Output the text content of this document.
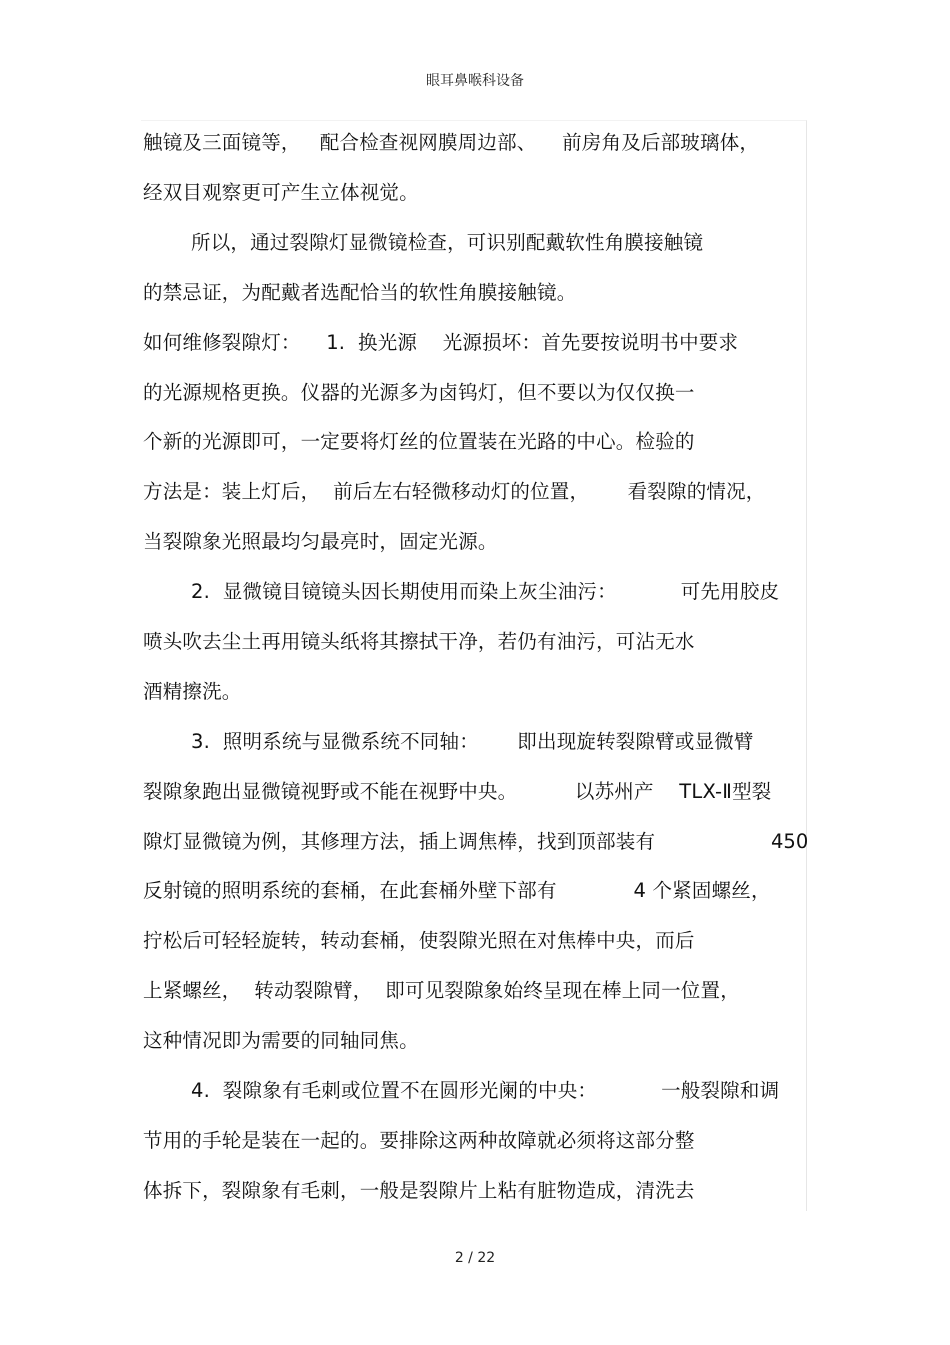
眼耳鼻喉科设备
触镜及三面镜等，   配合检查视网膜周边部、    前房角及后部玻璃体，
经双目观察更可产生立体视觉。
所以，通过裂隙灯显微镜检查，可识别配戴软性角膜接触镜
的禁忌证，为配戴者选配恰当的软性角膜接触镜。
如何维修裂隙灯：    1.  换光源    光源损坏：首先要按说明书中要求
的光源规格更换。仪器的光源多为卤钨灯，但不要以为仅仅换一
个新的光源即可，一定要将灯丝的位置装在光路的中心。检验的
方法是：装上灯后，  前后左右轻微移动灯的位置，      看裂隙的情况，
当裂隙象光照最均匀最亮时，固定光源。
2.  显微镜目镜镜头因长期使用而染上灰尘油污：          可先用胶皮
喷头吹去尘土再用镜头纸将其擦拭干净，若仍有油污，可沾无水
酒精擦洗。
3.  照明系统与显微系统不同轴：      即出现旋转裂隙臂或显微臂
裂隙象跑出显微镜视野或不能在视野中央。         以苏州产    TLX-Ⅱ型裂
隙灯显微镜为例，其修理方法，插上调焦棒，找到顶部装有	450
反射镜的照明系统的套桶，在此套桶外壁下部有            4 个紧固螺丝，
拧松后可轻轻旋转，转动套桶，使裂隙光照在对焦棒中央，而后
上紧螺丝，  转动裂隙臂，  即可见裂隙象始终呈现在棒上同一位置，
这种情况即为需要的同轴同焦。
4.  裂隙象有毛刺或位置不在圆形光阑的中央：          一般裂隙和调
节用的手轮是装在一起的。要排除这两种故障就必须将这部分整
体拆下，裂隙象有毛刺，一般是裂隙片上粘有脏物造成，清洗去
2 / 22
